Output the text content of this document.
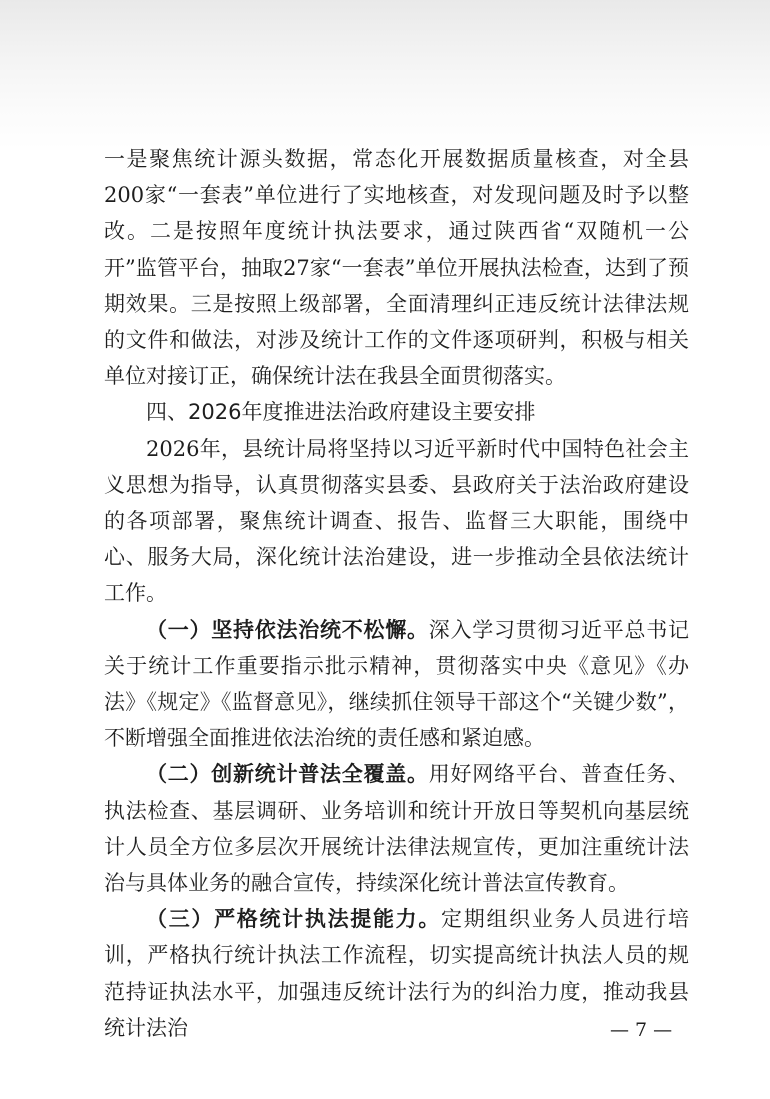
一是聚焦统计源头数据，常态化开展数据质量核查，对全县200家“一套表”单位进行了实地核查，对发现问题及时予以整改。二是按照年度统计执法要求，通过陕西省“双随机一公开”监管平台，抽取27家“一套表”单位开展执法检查，达到了预期效果。三是按照上级部署，全面清理纠正违反统计法律法规的文件和做法，对涉及统计工作的文件逐项研判，积极与相关单位对接订正，确保统计法在我县全面贯彻落实。

四、2026年度推进法治政府建设主要安排

2026年，县统计局将坚持以习近平新时代中国特色社会主义思想为指导，认真贯彻落实县委、县政府关于法治政府建设的各项部署，聚焦统计调查、报告、监督三大职能，围绕中心、服务大局，深化统计法治建设，进一步推动全县依法统计工作。

（一）坚持依法治统不松懈。深入学习贯彻习近平总书记关于统计工作重要指示批示精神，贯彻落实中央《意见》《办法》《规定》《监督意见》，继续抓住领导干部这个“关键少数”，不断增强全面推进依法治统的责任感和紧迫感。

（二）创新统计普法全覆盖。用好网络平台、普查任务、执法检查、基层调研、业务培训和统计开放日等契机向基层统计人员全方位多层次开展统计法律法规宣传，更加注重统计法治与具体业务的融合宣传，持续深化统计普法宣传教育。

（三）严格统计执法提能力。定期组织业务人员进行培训，严格执行统计执法工作流程，切实提高统计执法人员的规范持证执法水平，加强违反统计法行为的纠治力度，推动我县统计法治	— 7 —
